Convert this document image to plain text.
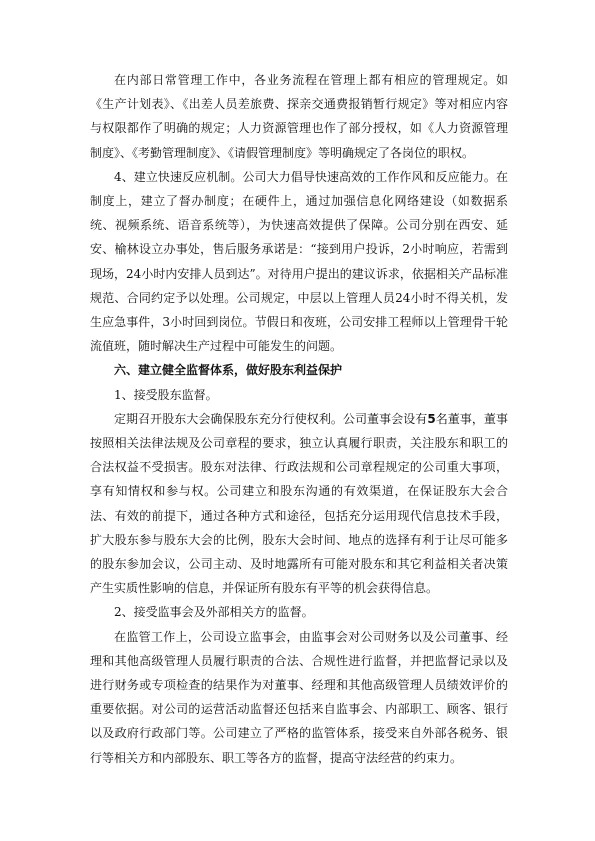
在内部日常管理工作中，各业务流程在管理上都有相应的管理规定。如《生产计划表》、《出差人员差旅费、探亲交通费报销暂行规定》等对相应内容与权限都作了明确的规定；人力资源管理也作了部分授权，如《人力资源管理制度》、《考勤管理制度》、《请假管理制度》等明确规定了各岗位的职权。

4、建立快速反应机制。公司大力倡导快速高效的工作作风和反应能力。在制度上，建立了督办制度；在硬件上，通过加强信息化网络建设（如数据系统、视频系统、语音系统等），为快速高效提供了保障。公司分别在西安、延安、榆林设立办事处，售后服务承诺是：“接到用户投诉，2小时响应，若需到现场，24小时内安排人员到达”。对待用户提出的建议诉求，依据相关产品标准规范、合同约定予以处理。公司规定，中层以上管理人员24小时不得关机，发生应急事件，3小时回到岗位。节假日和夜班，公司安排工程师以上管理骨干轮流值班，随时解决生产过程中可能发生的问题。

六、建立健全监督体系，做好股东利益保护

1、接受股东监督。

定期召开股东大会确保股东充分行使权利。公司董事会设有5名董事，董事按照相关法律法规及公司章程的要求，独立认真履行职责，关注股东和职工的合法权益不受损害。股东对法律、行政法规和公司章程规定的公司重大事项，享有知情权和参与权。公司建立和股东沟通的有效渠道，在保证股东大会合法、有效的前提下，通过各种方式和途径，包括充分运用现代信息技术手段，扩大股东参与股东大会的比例，股东大会时间、地点的选择有利于让尽可能多的股东参加会议，公司主动、及时地露所有可能对股东和其它利益相关者决策产生实质性影响的信息，并保证所有股东有平等的机会获得信息。

2、接受监事会及外部相关方的监督。

在监管工作上，公司设立监事会，由监事会对公司财务以及公司董事、经理和其他高级管理人员履行职责的合法、合规性进行监督，并把监督记录以及进行财务或专项检查的结果作为对董事、经理和其他高级管理人员绩效评价的重要依据。对公司的运营活动监督还包括来自监事会、内部职工、顾客、银行以及政府行政部门等。公司建立了严格的监管体系，接受来自外部各税务、银行等相关方和内部股东、职工等各方的监督，提高守法经营的约束力。
